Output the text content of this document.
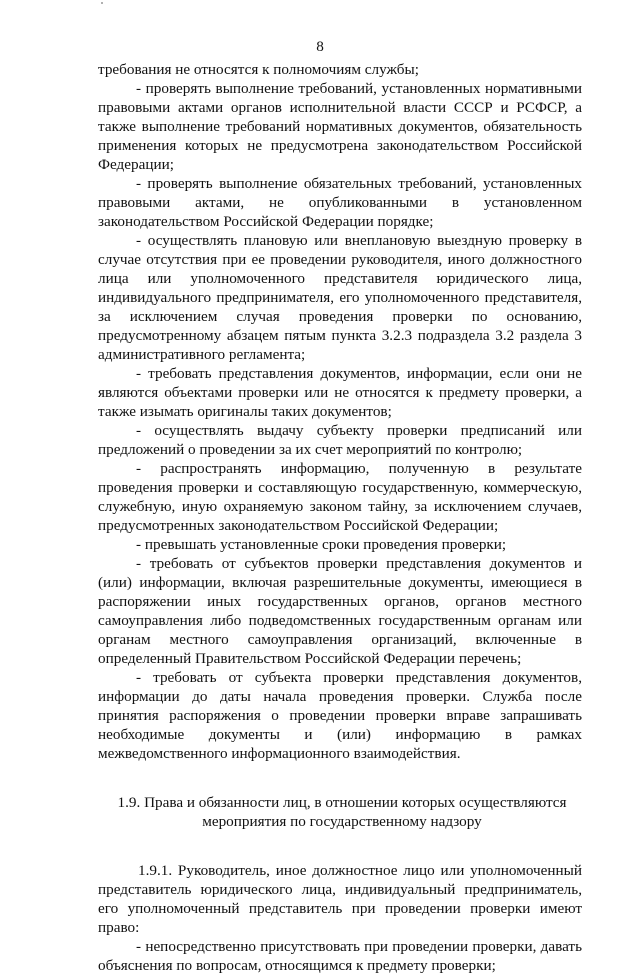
8

требования не относятся к полномочиям службы;

- проверять выполнение требований, установленных нормативными правовыми актами органов исполнительной власти СССР и РСФСР, а также выполнение требований нормативных документов, обязательность применения которых не предусмотрена законодательством Российской Федерации;

- проверять выполнение обязательных требований, установленных правовыми актами, не опубликованными в установленном законодательством Российской Федерации порядке;

- осуществлять плановую или внеплановую выездную проверку в случае отсутствия при ее проведении руководителя, иного должностного лица или уполномоченного представителя юридического лица, индивидуального предпринимателя, его уполномоченного представителя, за исключением случая проведения проверки по основанию, предусмотренному абзацем пятым пункта 3.2.3 подраздела 3.2 раздела 3 административного регламента;

- требовать представления документов, информации, если они не являются объектами проверки или не относятся к предмету проверки, а также изымать оригиналы таких документов;

- осуществлять выдачу субъекту проверки предписаний или предложений о проведении за их счет мероприятий по контролю;

- распространять информацию, полученную в результате проведения проверки и составляющую государственную, коммерческую, служебную, иную охраняемую законом тайну, за исключением случаев, предусмотренных законодательством Российской Федерации;

- превышать установленные сроки проведения проверки;

- требовать от субъектов проверки представления документов и (или) информации, включая разрешительные документы, имеющиеся в распоряжении иных государственных органов, органов местного самоуправления либо подведомственных государственным органам или органам местного самоуправления организаций, включенные в определенный Правительством Российской Федерации перечень;

- требовать от субъекта проверки представления документов, информации до даты начала проведения проверки. Служба после принятия распоряжения о проведении проверки вправе запрашивать необходимые документы и (или) информацию в рамках межведомственного информационного взаимодействия.

1.9. Права и обязанности лиц, в отношении которых осуществляются мероприятия по государственному надзору

1.9.1. Руководитель, иное должностное лицо или уполномоченный представитель юридического лица, индивидуальный предприниматель, его уполномоченный представитель при проведении проверки имеют право:

- непосредственно присутствовать при проведении проверки, давать объяснения по вопросам, относящимся к предмету проверки;
